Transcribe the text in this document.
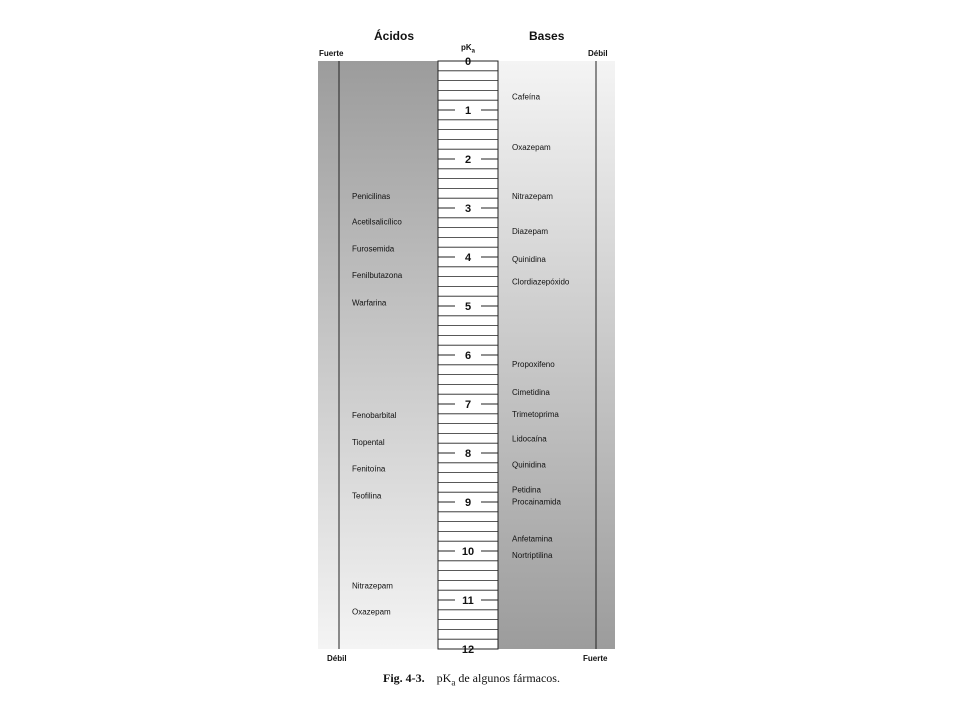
0
1
2
3
4
5
6
7
8
9
10
11
12
Penicilinas
Acetilsalicílico
Furosemida
Fenilbutazona
Warfarina
Fenobarbital
Tiopental
Fenitoína
Teofilina
Nitrazepam
Oxazepam
Cafeína
Oxazepam
Nitrazepam
Diazepam
Quinidina
Clordiazepóxido
Propoxifeno
Cimetidina
Trimetoprima
Lidocaína
Quinidina
Petidina
Procainamida
Anfetamina
Nortriptilina
Ácidos	Bases
Fuerte	Débil
Débil	Fuerte
$pK_a$
Fig. 4-3. $pK_a$ de algunos fármacos.
